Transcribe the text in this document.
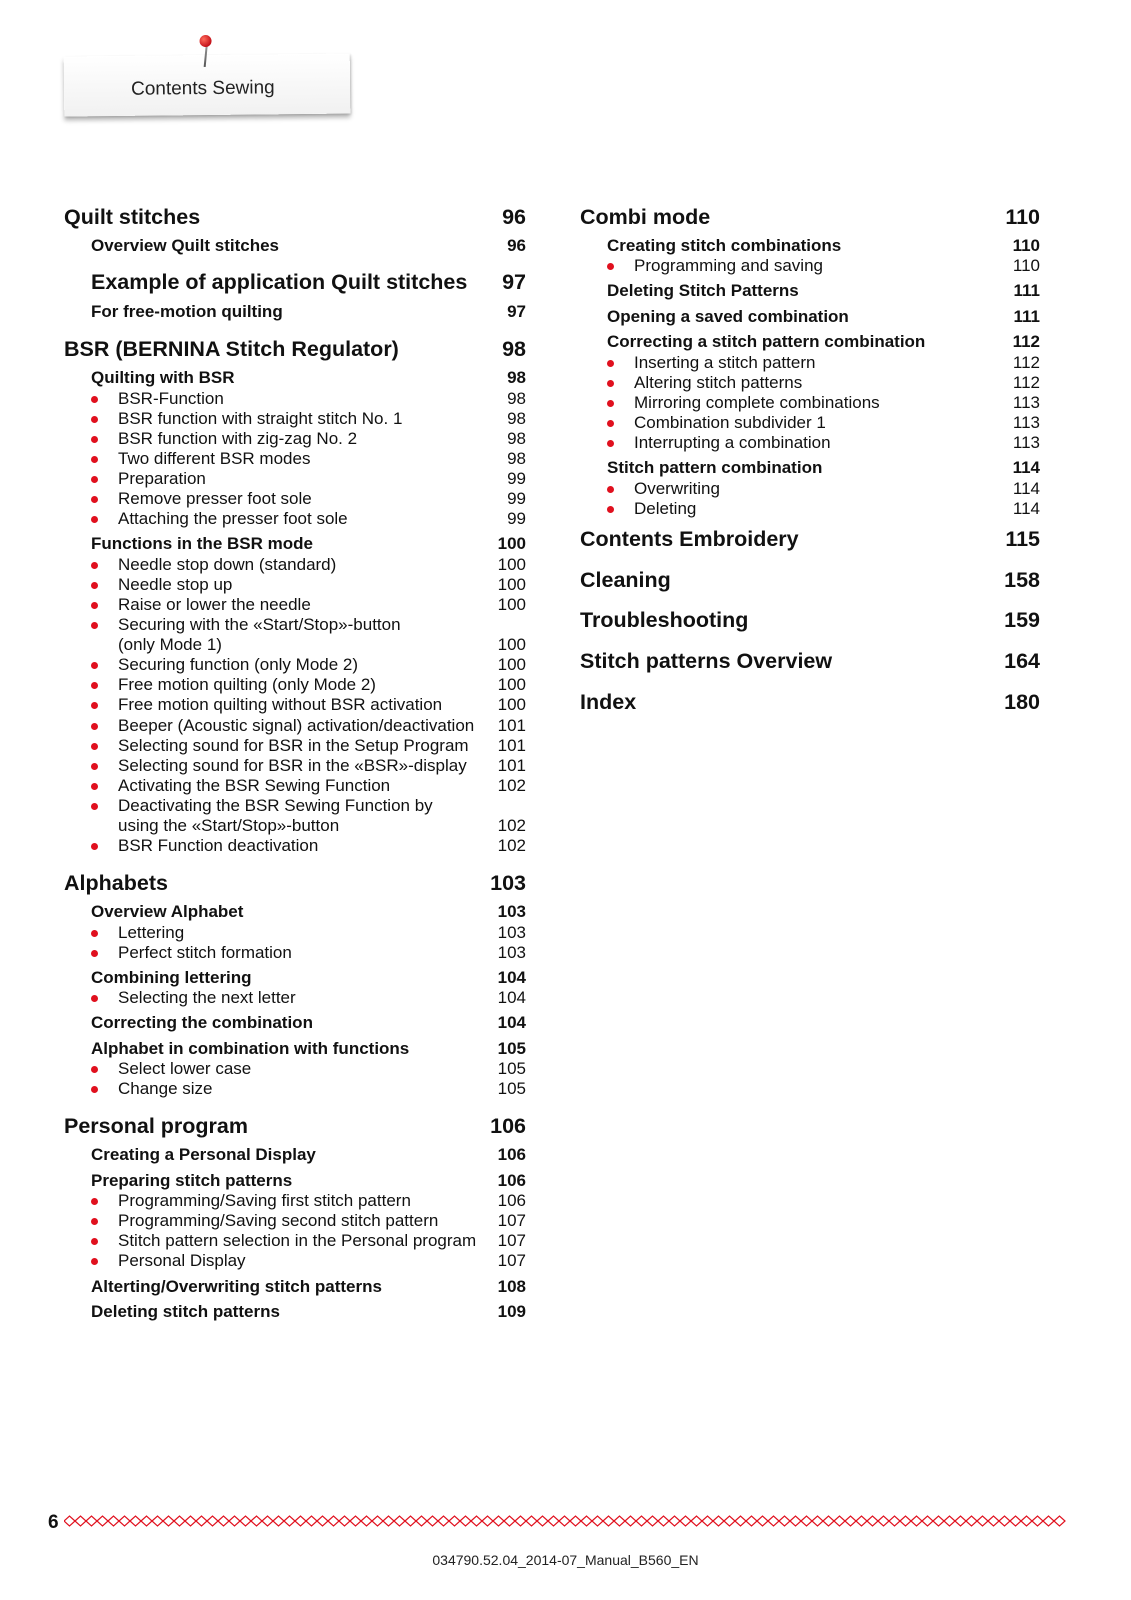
Contents Sewing
Quilt stitches	96
Overview Quilt stitches	96
Example of application Quilt stitches 97
For free-motion quilting	97
BSR (BERNINA Stitch Regulator)	98
Quilting with BSR	98
BSR-Function	98
BSR function with straight stitch No. 1	98
BSR function with zig-zag No. 2	98
Two different BSR modes	98
Preparation	99
Remove presser foot sole	99
Attaching the presser foot sole	99
Functions in the BSR mode	100
Needle stop down (standard)	100
Needle stop up	100
Raise or lower the needle	100
Securing with the «Start/Stop»-button
(only Mode 1)	100
Securing function (only Mode 2)	100
Free motion quilting (only Mode 2)	100
Free motion quilting without BSR activation	100
Beeper (Acoustic signal) activation/deactivation 101
Selecting sound for BSR in the Setup Program 101
Selecting sound for BSR in the «BSR»-display 101
Activating the BSR Sewing Function	102
Deactivating the BSR Sewing Function by
using the «Start/Stop»-button	102
BSR Function deactivation	102
Alphabets	103
Overview Alphabet	103
Lettering	103
Perfect stitch formation	103
Combining lettering	104
Selecting the next letter	104
Correcting the combination	104
Alphabet in combination with functions	105
Select lower case	105
Change size	105
Personal program	106
Creating a Personal Display	106
Preparing stitch patterns	106
Programming/Saving first stitch pattern	106
Programming/Saving second stitch pattern	107
Stitch pattern selection in the Personal program 107
Personal Display	107
Alterting/Overwriting stitch patterns	108
Deleting stitch patterns	109
Combi mode	110
Creating stitch combinations	110
Programming and saving	110
Deleting Stitch Patterns	111
Opening a saved combination	111
Correcting a stitch pattern combination	112
Inserting a stitch pattern	112
Altering stitch patterns	112
Mirroring complete combinations	113
Combination subdivider 1	113
Interrupting a combination	113
Stitch pattern combination	114
Overwriting	114
Deleting	114
Contents Embroidery	115
Cleaning	158
Troubleshooting	159
Stitch patterns Overview	164
Index	180
6
034790.52.04_2014-07_Manual_B560_EN
